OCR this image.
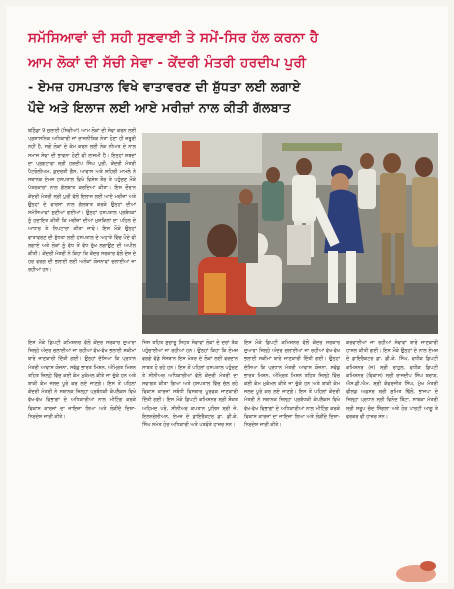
ਸਮੱਸਿਆਵਾਂ ਦੀ ਸਹੀ ਸੁਣਵਾਈ ਤੇ ਸਮੇਂ-ਸਿਰ ਹੱਲ ਕਰਨਾ ਹੈ
ਆਮ ਲੋਕਾਂ ਦੀ ਸੱਚੀ ਸੇਵਾ - ਕੇਂਦਰੀ ਮੰਤਰੀ ਹਰਦੀਪ ਪੁਰੀ
- ਏਮਜ਼ ਹਸਪਤਾਲ ਵਿਖੇ ਵਾਤਾਵਰਣ ਦੀ ਸ਼ੁੱਧਤਾ ਲਈ ਲਗਾਏ
ਪੌਦੇ ਅਤੇ ਇਲਾਜ ਲਈ ਆਏ ਮਰੀਜ਼ਾਂ ਨਾਲ ਕੀਤੀ ਗੱਲਬਾਤ
ਬਠਿੰਡਾ 9 ਜੁਲਾਈ (ਸਿਵੀਆਂ) ਆਮ ਲੋਕਾਂ ਦੀ ਸੇਵਾ ਕਰਨ ਲਈ ਪ੍ਰਸ਼ਾਸਨਿਕ ਅਧਿਕਾਰੀ ਜਾਂ ਰਾਜਨੀਤਿਕ ਨੇਤਾ ਹੋਣਾ ਹੀ ਜ਼ਰੂਰੀ ਨਹੀਂ ਹੈ, ਸਗੋਂ ਲੋਕਾਂ ਦੇ ਕੰਮ ਕਰਨ ਲਈ ਨੇਕ ਨੀਅਤ ਦੇ ਨਾਲ ਸਮਾਜ ਸੇਵਾ ਦੀ ਭਾਵਨਾ ਹੋਣੀ ਵੀ ਲਾਜ਼ਮੀ ਹੈ। ਇਨ੍ਹਾਂ ਸ਼ਬਦਾਂ ਦਾ ਪ੍ਰਗਟਾਵਾ ਸ਼੍ਰੀ ਹਰਦੀਪ ਸਿੰਘ ਪੁਰੀ, ਕੇਂਦਰੀ ਮੰਤਰੀ ਪੈਟਰੋਲੀਅਮ, ਕੁਦਰਤੀ ਗੈਸ, ਆਵਾਸ ਅਤੇ ਸ਼ਹਿਰੀ ਮਾਮਲੇ ਨੇ ਸਥਾਨਕ ਏਮਜ਼ ਹਸਪਤਾਲ ਵਿਖੇ ਵਿਸ਼ੇਸ਼ ਤੌਰ ਤੇ ਪਹੁੰਚਣ ਮੌਕੇ ਪੱਤਰਕਾਰਾਂ ਨਾਲ ਗੱਲਬਾਤ ਕਰਦਿਆਂ ਕੀਤਾ। ਇਸ ਦੌਰਾਨ ਕੇਂਦਰੀ ਮੰਤਰੀ ਸ੍ਰੀ ਪੁਰੀ ਵੱਲੋਂ ਇਲਾਜ ਲਈ ਆਏ ਮਰੀਜ਼ਾਂ ਅਤੇ ਉਨ੍ਹਾਂ ਦੇ ਵਾਰਸਾਂ ਨਾਲ ਗੱਲਬਾਤ ਕਰਕੇ ਉਨ੍ਹਾਂ ਦੀਆਂ ਸਮੱਸਿਆਵਾਂ ਸੁਣੀਆਂ ਗਈਆਂ। ਉਨ੍ਹਾਂ ਹਸਪਤਾਲ ਪ੍ਰਬੰਧਕਾਂ ਨੂੰ ਹਦਾਇਤ ਕੀਤੀ ਕਿ ਮਰੀਜ਼ਾਂ ਦੀਆਂ ਮੁਸ਼ਕਿਲਾਂ ਦਾ ਪਹਿਲ ਦੇ ਆਧਾਰ ਤੇ ਨਿਪਟਾਰਾ ਕੀਤਾ ਜਾਵੇ। ਇਸ ਮੌਕੇ ਉਨ੍ਹਾਂ ਵਾਤਾਵਰਣ ਦੀ ਸ਼ੁੱਧਤਾ ਲਈ ਹਸਪਤਾਲ ਦੇ ਅਹਾਤੇ ਵਿੱਚ ਪੌਦੇ ਵੀ ਲਗਾਏ ਅਤੇ ਲੋਕਾਂ ਨੂੰ ਵੱਧ ਤੋਂ ਵੱਧ ਰੁੱਖ ਲਗਾਉਣ ਦੀ ਅਪੀਲ ਕੀਤੀ। ਕੇਂਦਰੀ ਮੰਤਰੀ ਨੇ ਕਿਹਾ ਕਿ ਕੇਂਦਰ ਸਰਕਾਰ ਵੱਲੋਂ ਦੇਸ਼ ਦੇ ਹਰ ਵਰਗ ਦੀ ਭਲਾਈ ਲਈ ਅਨੇਕਾਂ ਯੋਜਨਾਵਾਂ ਚਲਾਈਆਂ ਜਾ ਰਹੀਆਂ ਹਨ।
ਇਸ ਮੌਕੇ ਡਿਪਟੀ ਕਮਿਸ਼ਨਰ ਵੱਲੋਂ ਕੇਂਦਰ ਸਰਕਾਰ ਦੁਆਰਾ ਜ਼ਿਲ੍ਹੇ ਅੰਦਰ ਚਲਾਈਆਂ ਜਾ ਰਹੀਆਂ ਵੱਖ-ਵੱਖ ਭਲਾਈ ਸਕੀਮਾਂ ਬਾਰੇ ਜਾਣਕਾਰੀ ਦਿੱਤੀ ਗਈ। ਉਨ੍ਹਾਂ ਦੱਸਿਆ ਕਿ ਪ੍ਰਧਾਨ ਮੰਤਰੀ ਆਵਾਸ ਯੋਜਨਾ, ਸਵੱਛ ਭਾਰਤ ਮਿਸ਼ਨ, ਅੰਮ੍ਰਿਤ ਮਿਸ਼ਨ ਤਹਿਤ ਜ਼ਿਲ੍ਹੇ ਵਿੱਚ ਕਈ ਕੰਮ ਮੁਕੰਮਲ ਕੀਤੇ ਜਾ ਚੁੱਕੇ ਹਨ ਅਤੇ ਬਾਕੀ ਕੰਮ ਜਲਦ ਪੂਰੇ ਕਰ ਲਏ ਜਾਣਗੇ। ਇਸ ਤੋਂ ਪਹਿਲਾਂ ਕੇਂਦਰੀ ਮੰਤਰੀ ਨੇ ਸਥਾਨਕ ਜ਼ਿਲ੍ਹਾ ਪ੍ਰਬੰਧਕੀ ਕੰਪਲੈਕਸ ਵਿਖੇ ਵੱਖ-ਵੱਖ ਵਿਭਾਗਾਂ ਦੇ ਅਧਿਕਾਰੀਆਂ ਨਾਲ ਮੀਟਿੰਗ ਕਰਕੇ ਵਿਕਾਸ ਕਾਰਜਾਂ ਦਾ ਜਾਇਜ਼ਾ ਲਿਆ ਅਤੇ ਲੋੜੀਂਦੇ ਦਿਸ਼ਾ-ਨਿਰਦੇਸ਼ ਜਾਰੀ ਕੀਤੇ।
ਜਿਸ ਤਹਿਤ ਸੁਚਾਰੂ ਸਿਹਤ ਸੇਵਾਵਾਂ ਲੋਕਾਂ ਦੇ ਦਰਾਂ ਤੱਕ ਪਹੁੰਚਾਈਆਂ ਜਾ ਰਹੀਆਂ ਹਨ। ਉਨ੍ਹਾਂ ਕਿਹਾ ਕਿ ਏਮਜ਼ ਵਰਗੇ ਵੱਡੇ ਸੰਸਥਾਨ ਇਸ ਖੇਤਰ ਦੇ ਲੋਕਾਂ ਲਈ ਵਰਦਾਨ ਸਾਬਤ ਹੋ ਰਹੇ ਹਨ। ਇਸ ਤੋਂ ਪਹਿਲਾਂ ਹਸਪਤਾਲ ਪਹੁੰਚਣ ਤੇ ਸੀਨੀਅਰ ਅਧਿਕਾਰੀਆਂ ਵੱਲੋਂ ਕੇਂਦਰੀ ਮੰਤਰੀ ਦਾ ਸਵਾਗਤ ਕੀਤਾ ਗਿਆ ਅਤੇ ਹਸਪਤਾਲ ਵਿੱਚ ਚੱਲ ਰਹੇ ਵਿਕਾਸ ਕਾਰਜਾਂ ਸਬੰਧੀ ਵਿਸਥਾਰ ਪੂਰਵਕ ਜਾਣਕਾਰੀ ਦਿੱਤੀ ਗਈ। ਇਸ ਮੌਕੇ ਡਿਪਟੀ ਕਮਿਸ਼ਨਰ ਸ਼੍ਰੀ ਸ਼ੌਕਤ ਅਹਿਮਦ ਪਰੇ, ਸੀਨੀਅਰ ਕਪਤਾਨ ਪੁਲਿਸ ਸ਼੍ਰੀ ਜੇ. ਇਲਨਚੇਲੀਅਨ, ਏਮਜ਼ ਦੇ ਡਾਇਰੈਕਟਰ ਡਾ. ਡੀ.ਕੇ. ਸਿੰਘ ਸਮੇਤ ਹੋਰ ਅਧਿਕਾਰੀ ਅਤੇ ਪਤਵੰਤੇ ਹਾਜ਼ਰ ਸਨ।
ਇਸ ਮੌਕੇ ਡਿਪਟੀ ਕਮਿਸ਼ਨਰ ਵੱਲੋਂ ਕੇਂਦਰ ਸਰਕਾਰ ਦੁਆਰਾ ਜ਼ਿਲ੍ਹੇ ਅੰਦਰ ਚਲਾਈਆਂ ਜਾ ਰਹੀਆਂ ਵੱਖ-ਵੱਖ ਭਲਾਈ ਸਕੀਮਾਂ ਬਾਰੇ ਜਾਣਕਾਰੀ ਦਿੱਤੀ ਗਈ। ਉਨ੍ਹਾਂ ਦੱਸਿਆ ਕਿ ਪ੍ਰਧਾਨ ਮੰਤਰੀ ਆਵਾਸ ਯੋਜਨਾ, ਸਵੱਛ ਭਾਰਤ ਮਿਸ਼ਨ, ਅੰਮ੍ਰਿਤ ਮਿਸ਼ਨ ਤਹਿਤ ਜ਼ਿਲ੍ਹੇ ਵਿੱਚ ਕਈ ਕੰਮ ਮੁਕੰਮਲ ਕੀਤੇ ਜਾ ਚੁੱਕੇ ਹਨ ਅਤੇ ਬਾਕੀ ਕੰਮ ਜਲਦ ਪੂਰੇ ਕਰ ਲਏ ਜਾਣਗੇ। ਇਸ ਤੋਂ ਪਹਿਲਾਂ ਕੇਂਦਰੀ ਮੰਤਰੀ ਨੇ ਸਥਾਨਕ ਜ਼ਿਲ੍ਹਾ ਪ੍ਰਬੰਧਕੀ ਕੰਪਲੈਕਸ ਵਿਖੇ ਵੱਖ-ਵੱਖ ਵਿਭਾਗਾਂ ਦੇ ਅਧਿਕਾਰੀਆਂ ਨਾਲ ਮੀਟਿੰਗ ਕਰਕੇ ਵਿਕਾਸ ਕਾਰਜਾਂ ਦਾ ਜਾਇਜ਼ਾ ਲਿਆ ਅਤੇ ਲੋੜੀਂਦੇ ਦਿਸ਼ਾ-ਨਿਰਦੇਸ਼ ਜਾਰੀ ਕੀਤੇ।
ਕਰਵਾਈਆਂ ਜਾ ਰਹੀਆਂ ਸੇਵਾਵਾਂ ਬਾਰੇ ਜਾਣਕਾਰੀ ਹਾਸਲ ਕੀਤੀ ਗਈ। ਇਸ ਮੌਕੇ ਉਨ੍ਹਾਂ ਦੇ ਨਾਲ ਏਮਜ਼ ਦੇ ਡਾਇਰੈਕਟਰ ਡਾ. ਡੀ.ਕੇ. ਸਿੰਘ, ਵਧੀਕ ਡਿਪਟੀ ਕਮਿਸ਼ਨਰ (ਜ) ਸ੍ਰੀ ਰਾਹੁਲ, ਵਧੀਕ ਡਿਪਟੀ ਕਮਿਸ਼ਨਰ (ਵਿਕਾਸ) ਸ੍ਰੀ ਰਾਜਦੀਪ ਸਿੰਘ ਬਰਾੜ, ਐਸ.ਡੀ.ਐਮ. ਸ਼੍ਰੀ ਕੰਵਰਜੀਤ ਸਿੰਘ, ਮੁੱਖ ਮੰਤਰੀ ਫੀਲਡ ਅਫ਼ਸਰ ਸ਼੍ਰੀ ਸੁਮਿਤ ਢਿੱਲੋਂ, ਭਾਜਪਾ ਦੇ ਜ਼ਿਲ੍ਹਾ ਪ੍ਰਧਾਨ ਸ੍ਰੀ ਵਿਨੋਦ ਬਿੰਟਾ, ਸਾਬਕਾ ਮੰਤਰੀ ਸ੍ਰੀ ਸਰੂਪ ਚੰਦ ਸਿੰਗਲਾ ਅਤੇ ਹੋਰ ਪਾਰਟੀ ਆਗੂ ਤੇ ਵਰਕਰ ਵੀ ਹਾਜ਼ਰ ਸਨ।
